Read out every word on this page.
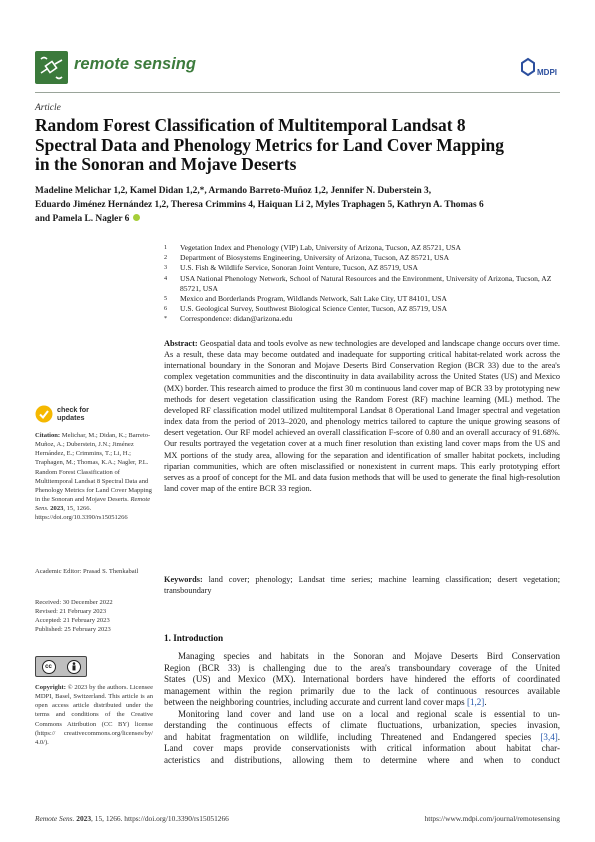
remote sensing	MDPI
Article
Random Forest Classification of Multitemporal Landsat 8
Spectral Data and Phenology Metrics for Land Cover Mapping
in the Sonoran and Mojave Deserts
Madeline Melichar 1,2, Kamel Didan 1,2,*, Armando Barreto-Muñoz 1,2, Jennifer N. Duberstein 3,
Eduardo Jiménez Hernández 1,2, Theresa Crimmins 4, Haiquan Li 2, Myles Traphagen 5, Kathryn A. Thomas 6
and Pamela L. Nagler 6
1	Vegetation Index and Phenology (VIP) Lab, University of Arizona, Tucson, AZ 85721, USA
2	Department of Biosystems Engineering, University of Arizona, Tucson, AZ 85721, USA
3	U.S. Fish & Wildlife Service, Sonoran Joint Venture, Tucson, AZ 85719, USA
4	USA National Phenology Network, School of Natural Resources and the Environment, University of Arizona, Tucson, AZ 85721, USA
5	Mexico and Borderlands Program, Wildlands Network, Salt Lake City, UT 84101, USA
6	U.S. Geological Survey, Southwest Biological Science Center, Tucson, AZ 85719, USA
*	Correspondence: didan@arizona.edu
Abstract: Geospatial data and tools evolve as new technologies are developed and landscape change occurs over time. As a result, these data may become outdated and inadequate for supporting critical habitat-related work across the international boundary in the Sonoran and Mojave Deserts Bird Conservation Region (BCR 33) due to the area's complex vegetation communities and the discontinuity in data availability across the United States (US) and Mexico (MX) border. This research aimed to produce the first 30 m continuous land cover map of BCR 33 by prototyping new methods for desert vegetation classification using the Random Forest (RF) machine learning (ML) method. The developed RF classification model utilized multitemporal Landsat 8 Operational Land Imager spectral and vegetation index data from the period of 2013–2020, and phenology metrics tailored to capture the unique growing seasons of desert vegetation. Our RF model achieved an overall classification F-score of 0.80 and an overall accuracy of 91.68%. Our results portrayed the vegetation cover at a much finer resolution than existing land cover maps from the US and MX portions of the study area, allowing for the separation and identification of smaller habitat pockets, including riparian communities, which are often misclassified or nonexistent in current maps. This early prototyping effort serves as a proof of concept for the ML and data fusion methods that will be used to generate the final high-resolution land cover map of the entire BCR 33 region.
Keywords: land cover; phenology; Landsat time series; machine learning classification; desert vegetation; transboundary
check for
updates
Citation: Melichar, M.; Didan, K.; Barreto-Muñoz, A.; Duberstein, J.N.; Jiménez Hernández, E.; Crimmins, T.; Li, H.; Traphagen, M.; Thomas, K.A.; Nagler, P.L. Random Forest Classification of Multitemporal Landsat 8 Spectral Data and Phenology Metrics for Land Cover Mapping in the Sonoran and Mojave Deserts. Remote Sens. 2023, 15, 1266. https://doi.org/10.3390/rs15051266
Academic Editor: Prasad S. Thenkabail
Received: 30 December 2022
Revised: 21 February 2023
Accepted: 21 February 2023
Published: 25 February 2023
cc
Copyright: © 2023 by the authors. Licensee MDPI, Basel, Switzerland. This article is an open access article distributed under the terms and conditions of the Creative Commons Attribution (CC BY) license (https:// creativecommons.org/licenses/by/ 4.0/).
1. Introduction
Managing species and habitats in the Sonoran and Mojave Deserts Bird Conservation
Region (BCR 33) is challenging due to the area's transboundary coverage of the United
States (US) and Mexico (MX). International borders have hindered the efforts of coordinated
management within the region primarily due to the lack of continuous resources available
between the neighboring countries, including accurate and current land cover maps [1,2].
Monitoring land cover and land use on a local and regional scale is essential to un-
derstanding the continuous effects of climate fluctuations, urbanization, species invasion,
and habitat fragmentation on wildlife, including Threatened and Endangered species [3,4].
Land cover maps provide conservationists with critical information about habitat char-
acteristics and distributions, allowing them to determine where and when to conduct
Remote Sens. 2023, 15, 1266. https://doi.org/10.3390/rs15051266	https://www.mdpi.com/journal/remotesensing
